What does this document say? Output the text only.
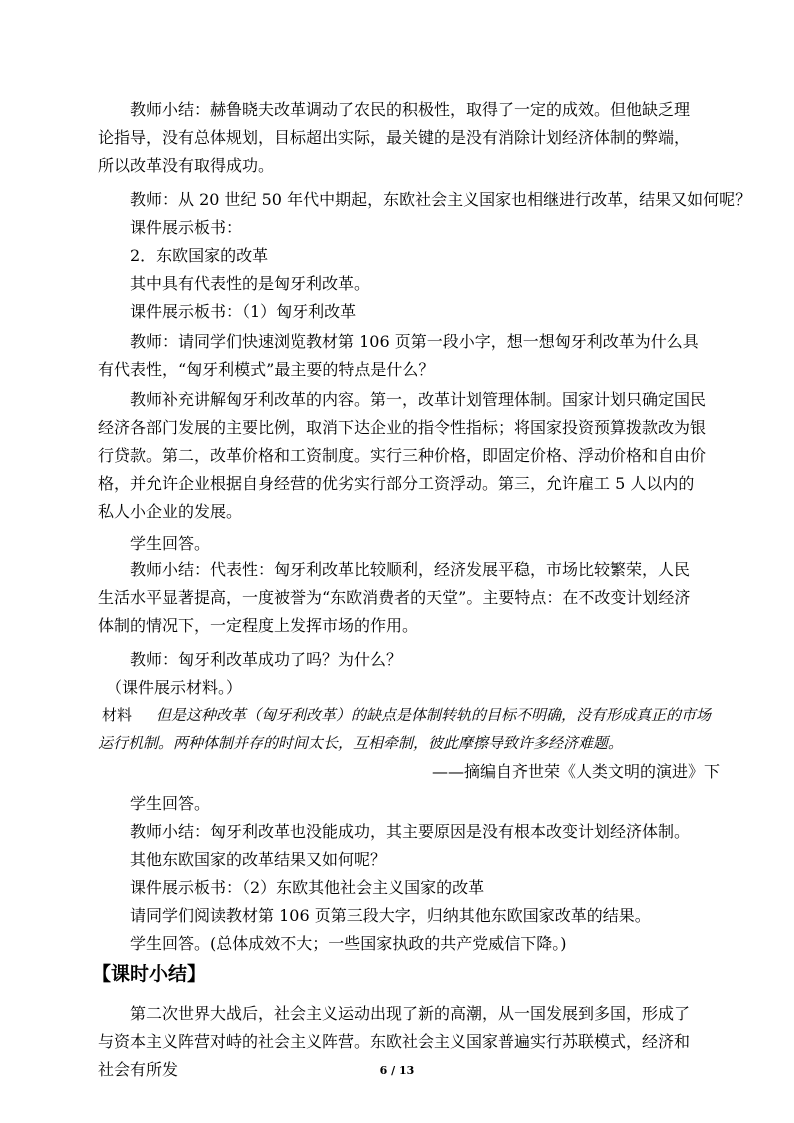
教师小结：赫鲁晓夫改革调动了农民的积极性，取得了一定的成效。但他缺乏理论指导，没有总体规划，目标超出实际，最关键的是没有消除计划经济体制的弊端，所以改革没有取得成功。
教师：从 20 世纪 50 年代中期起，东欧社会主义国家也相继进行改革，结果又如何呢？
课件展示板书：
2．东欧国家的改革
其中具有代表性的是匈牙利改革。
课件展示板书：（1）匈牙利改革
教师：请同学们快速浏览教材第 106 页第一段小字，想一想匈牙利改革为什么具有代表性，“匈牙利模式”最主要的特点是什么？
教师补充讲解匈牙利改革的内容。第一，改革计划管理体制。国家计划只确定国民经济各部门发展的主要比例，取消下达企业的指令性指标；将国家投资预算拨款改为银行贷款。第二，改革价格和工资制度。实行三种价格，即固定价格、浮动价格和自由价格，并允许企业根据自身经营的优劣实行部分工资浮动。第三，允许雇工 5 人以内的私人小企业的发展。
学生回答。
教师小结：代表性：匈牙利改革比较顺利，经济发展平稳，市场比较繁荣，人民生活水平显著提高，一度被誉为“东欧消费者的天堂”。主要特点：在不改变计划经济体制的情况下，一定程度上发挥市场的作用。
教师：匈牙利改革成功了吗？为什么？
（课件展示材料。）
材料 但是这种改革（匈牙利改革）的缺点是体制转轨的目标不明确，没有形成真正的市场运行机制。两种体制并存的时间太长，互相牵制，彼此摩擦导致许多经济难题。
——摘编自齐世荣《人类文明的演进》下
学生回答。
教师小结：匈牙利改革也没能成功，其主要原因是没有根本改变计划经济体制。
其他东欧国家的改革结果又如何呢？
课件展示板书：（2）东欧其他社会主义国家的改革
请同学们阅读教材第 106 页第三段大字，归纳其他东欧国家改革的结果。
学生回答。(总体成效不大；一些国家执政的共产党威信下降。)
【课时小结】
第二次世界大战后，社会主义运动出现了新的高潮，从一国发展到多国，形成了与资本主义阵营对峙的社会主义阵营。东欧社会主义国家普遍实行苏联模式，经济和社会有所发	6 / 13
